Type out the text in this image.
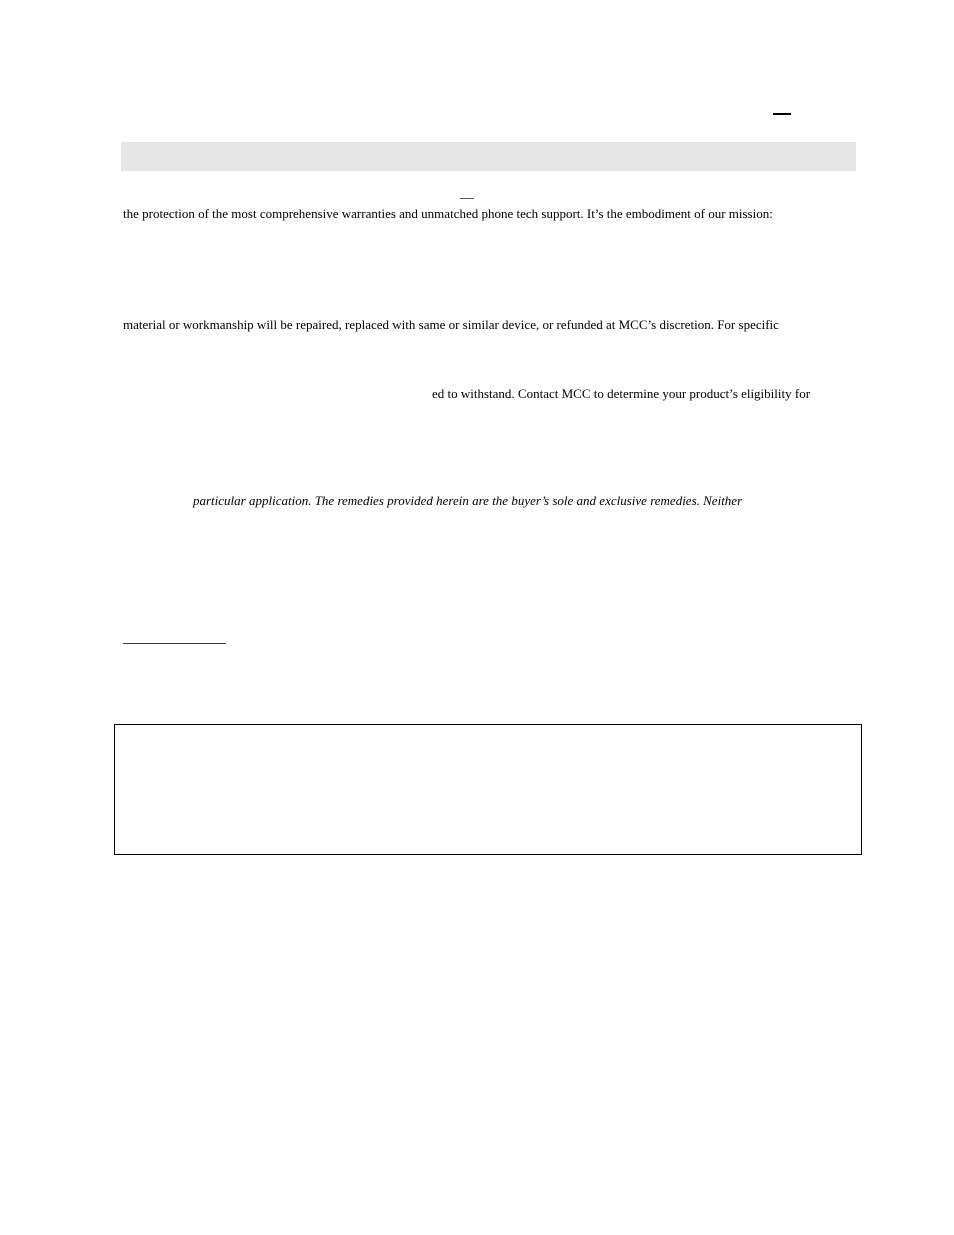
the protection of the most comprehensive warranties and unmatched phone tech support. It’s the embodiment of our mission:
material or workmanship will be repaired, replaced with same or similar device, or refunded at MCC’s discretion. For specific
ed to withstand. Contact MCC to determine your product’s eligibility for
particular application. The remedies provided herein are the buyer’s sole and exclusive remedies. Neither
